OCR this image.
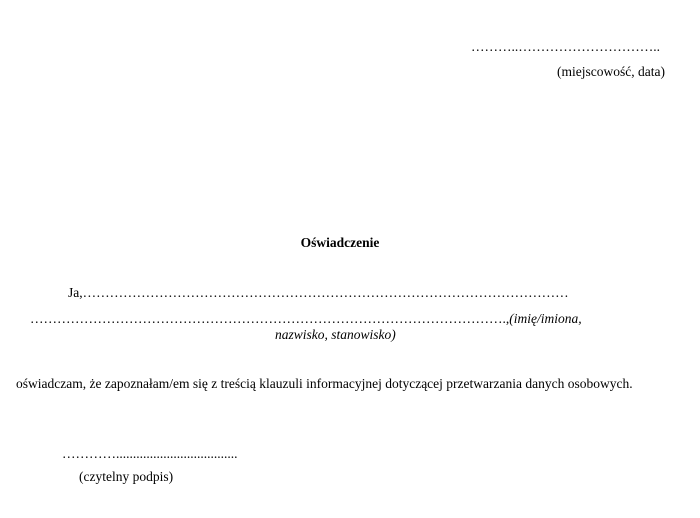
………..…………………………..
(miejscowość, data)
Oświadczenie
Ja,………………………………………………………………………………………………
…………………………………………………………………………………………….,(imię/imiona,
nazwisko, stanowisko)
oświadczam, że zapoznałam/em się z treścią klauzuli informacyjnej dotyczącej przetwarzania danych osobowych.
…………....................................
(czytelny podpis)
